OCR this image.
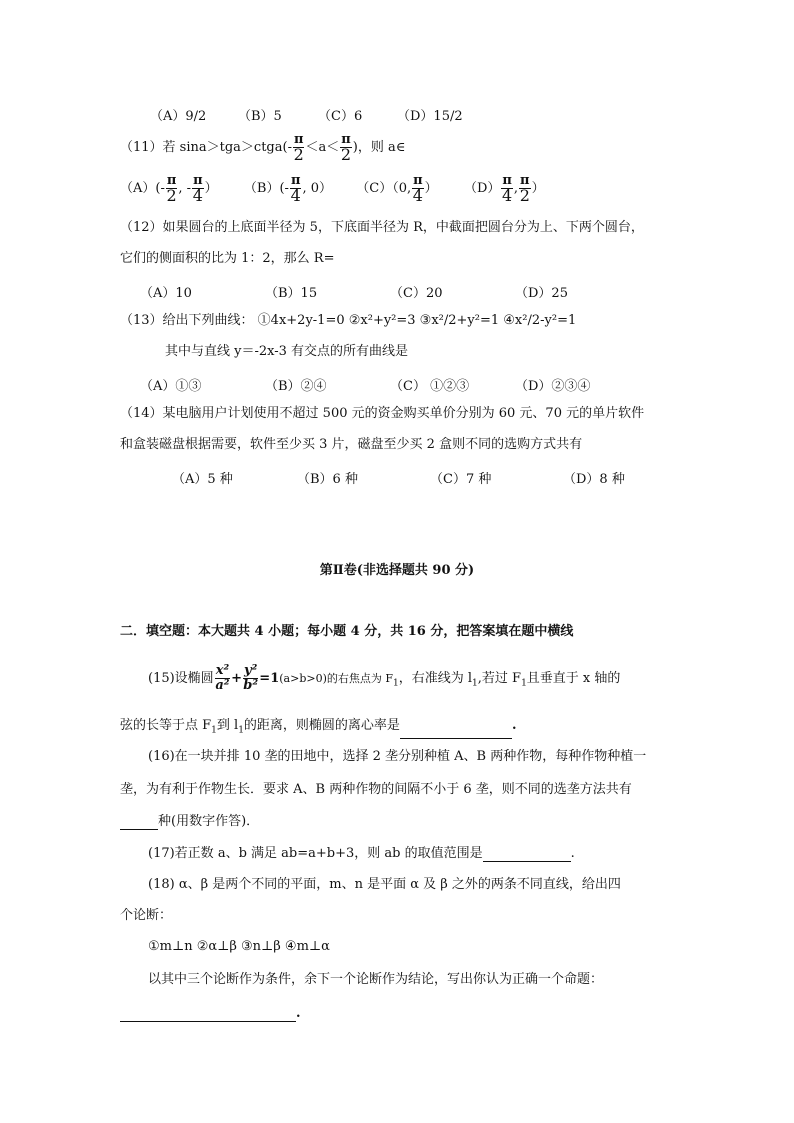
（A）9/2 （B）5	（C）6	（D）15/2
（11）若 sina＞tga＞ctga(- $\frac{\pi}{2} <a< \frac{\pi}{2}$ )，则 a∈
$(A)(- \frac{\pi}{2}$ , - $\frac{\pi}{4}$ ） $(B)(- \frac{\pi}{4}$ , 0） （C）（0, $\frac{\pi}{4}$ ） $(D) \frac{\pi}{4}$ , $\frac{\pi}{2}$ ）
（12）如果圆台的上底面半径为 5，下底面半径为 R，中截面把圆台分为上、下两个圆台，
它们的侧面积的比为 1：2，那么 R=
（A）10	（B）15	（C）20	（D）25
（13）给出下列曲线： ①4x+2y-1=0 ②x²+y²=3 ③x²/2+y²=1 ④x²/2-y²=1
其中与直线 y＝-2x-3 有交点的所有曲线是
（A）①③	（B）②④	（C） ①②③	（D）②③④
（14）某电脑用户计划使用不超过 500 元的资金购买单价分别为 60 元、70 元的单片软件
和盒装磁盘根据需要，软件至少买 3 片，磁盘至少买 2 盒则不同的选购方式共有
（A）5 种	（B）6 种	（C）7 种	（D）8 种
第Ⅱ卷(非选择题共 90 分)
二．填空题：本大题共 4 小题；每小题 4 分，共 16 分，把答案填在题中横线
(15)设椭圆 $\frac{\text{x²}}{\text{a²}} + \frac{\text{y²}}{\text{b²}} =1(a>b>0)$的右焦点为 $F_1$，右准线为 $l_1$,若过 $F_1$且垂直于 x 轴的
弦的长等于点 $F_1$到 $l_1$的距离，则椭圆的离心率是	.
(16)在一块并排 10 垄的田地中，选择 2 垄分别种植 A、B 两种作物，每种作物种植一
垄，为有利于作物生长．要求 A、B 两种作物的间隔不小于 6 垄，则不同的选垄方法共有
种(用数字作答)．
(17)若正数 a、b 满足 ab=a+b+3，则 ab 的取值范围是	.
(18) α、β 是两个不同的平面，m、n 是平面 α 及 β 之外的两条不同直线，给出四
个论断：
①m⊥n ②α⊥β ③n⊥β ④m⊥α
以其中三个论断作为条件，余下一个论断作为结论，写出你认为正确一个命题：
.
